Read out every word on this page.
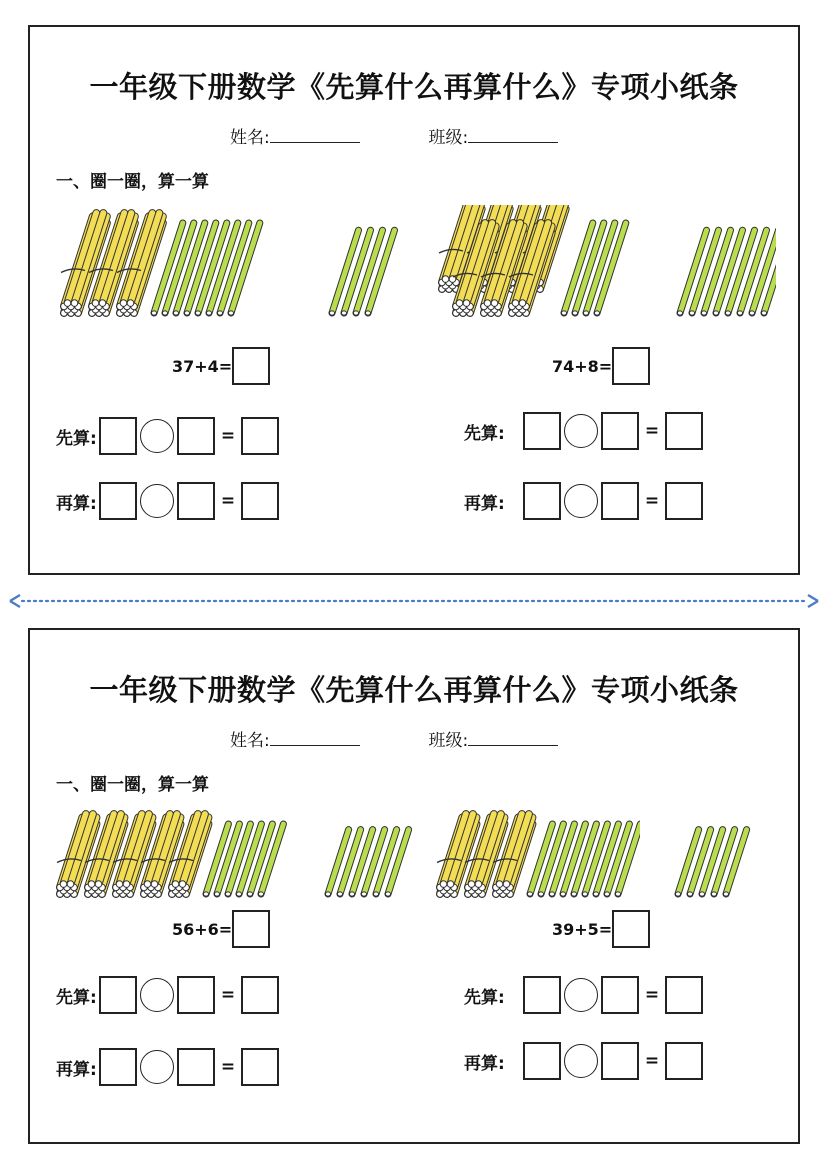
一年级下册数学《先算什么再算什么》专项小纸条
姓名:	班级:
一、圈一圈，算一算
37+4=	74+8=
先算:	=	先算:	=
再算:	=	再算:	=
一年级下册数学《先算什么再算什么》专项小纸条
姓名:	班级:
一、圈一圈，算一算
56+6=	39+5=
先算:	=	先算:	=
再算:	=	再算:	=
